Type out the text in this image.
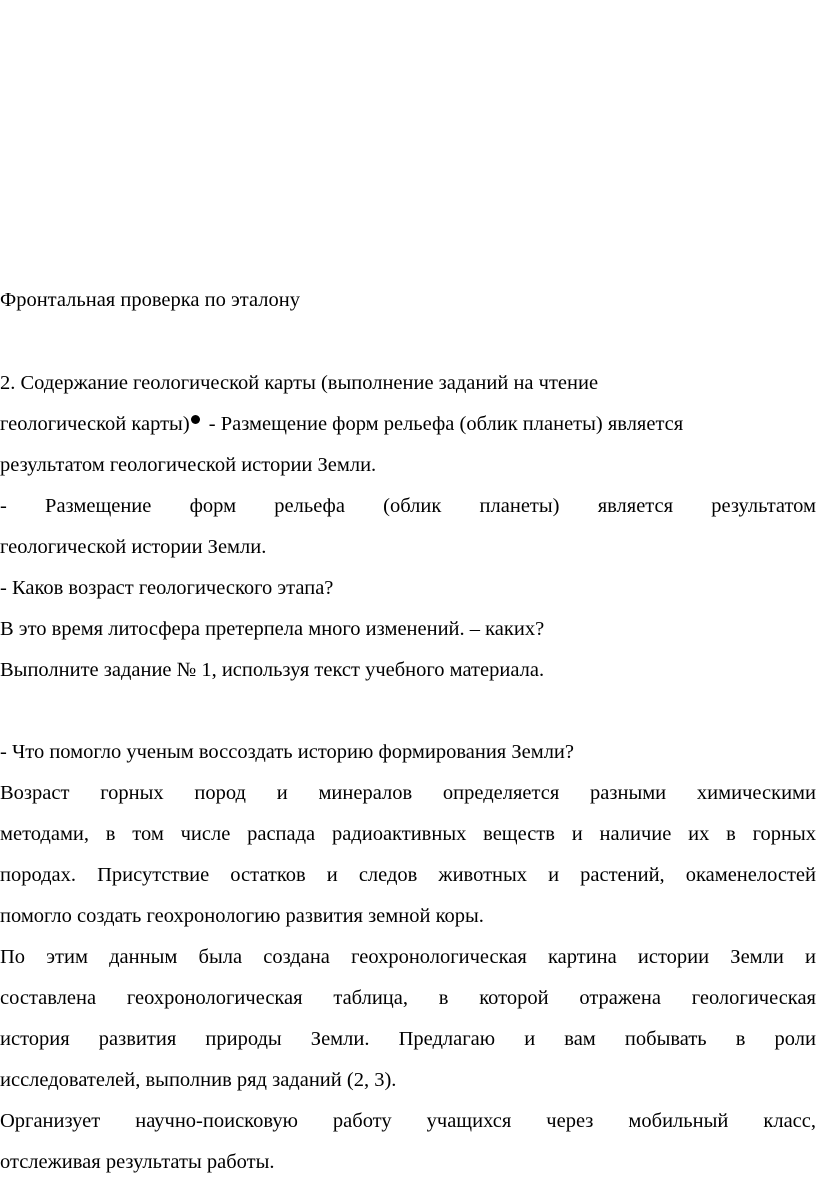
Фронтальная проверка по эталону

2. Содержание геологической карты (выполнение заданий на чтение

геологической карты) - Размещение форм рельефа (облик планеты) является

результатом геологической истории Земли.

- Размещение форм рельефа (облик планеты) является результатом

геологической истории Земли.

- Каков возраст геологического этапа?

В это время литосфера претерпела много изменений. – каких?

Выполните задание № 1, используя текст учебного материала.

- Что помогло ученым воссоздать историю формирования Земли?

Возраст горных пород и минералов определяется разными химическими

методами, в том числе распада радиоактивных веществ и наличие их в горных

породах. Присутствие остатков и следов животных и растений, окаменелостей

помогло создать геохронологию развития земной коры.

По этим данным была создана геохронологическая картина истории Земли и

составлена геохронологическая таблица, в которой отражена геологическая

история развития природы Земли. Предлагаю и вам побывать в роли

исследователей, выполнив ряд заданий (2, 3).

Организует научно-поисковую работу учащихся через мобильный класс,

отслеживая результаты работы.
